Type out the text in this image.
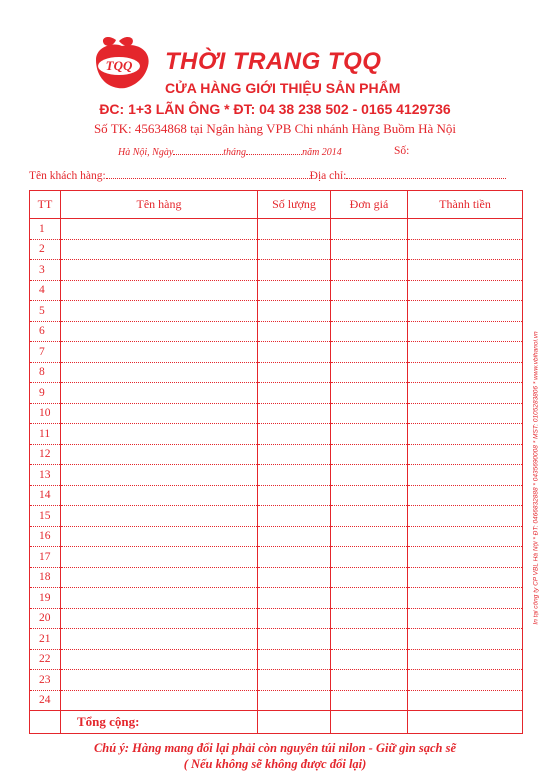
TQQ	THỜI TRANG TQQ
CỬA HÀNG GIỚI THIỆU SẢN PHẨM
ĐC: 1+3 LÃN ÔNG * ĐT: 04 38 238 502 - 0165 4129736
Số TK: 45634868 tại Ngân hàng VPB Chi nhánh Hàng Buồm Hà Nội
Hà Nội, Ngày	tháng	năm 2014	Số:
Tên khách hàng:	Địa chỉ:
TT	Tên hàng	Số lượng	Đơn giá	Thành tiền
1				
2				
3				
4				
5				
6				
7				
8				
9				
10				
11				
12				
13				
14				
15				
16				
17				
18				
19				
20				
21				
22				
23				
24				
	Tổng cộng:			
Chú ý: Hàng mang đổi lại phải còn nguyên túi nilon - Giữ gìn sạch sẽ
( Nếu không sẽ không được đổi lại)
In tại công ty CP VBL Hà Nội * ĐT: 0466832888 * 0435690008 * MST: 0105283806 * www.vbihanoi.vn
